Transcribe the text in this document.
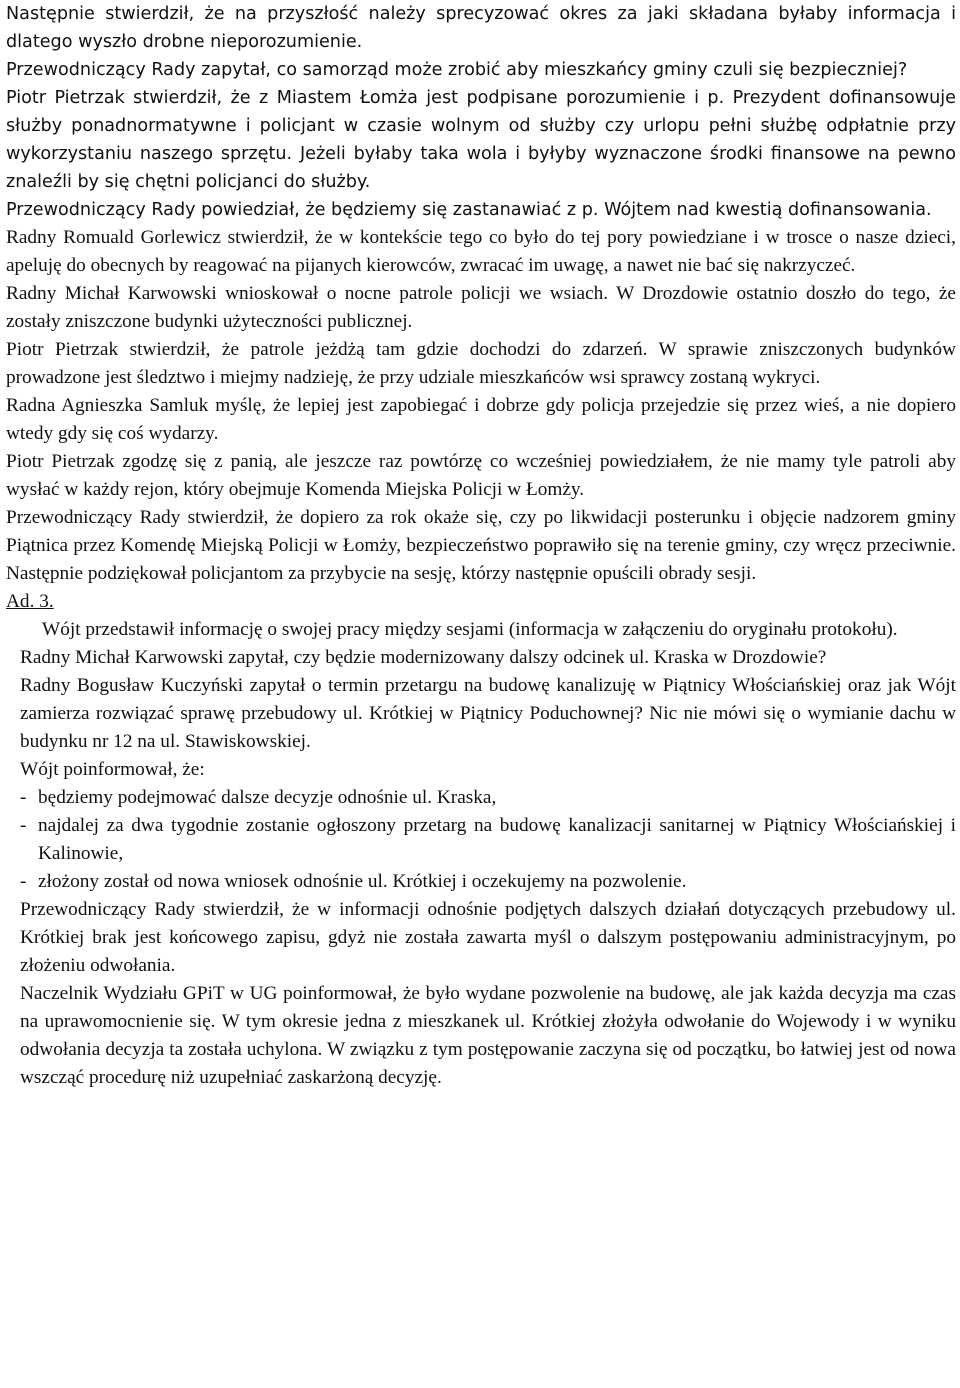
Następnie stwierdził, że na przyszłość należy sprecyzować okres za jaki składana byłaby informacja i dlatego wyszło drobne nieporozumienie.

Przewodniczący Rady zapytał, co samorząd może zrobić aby mieszkańcy gminy czuli się bezpieczniej?

Piotr Pietrzak stwierdził, że z Miastem Łomża jest podpisane porozumienie i p. Prezydent dofinansowuje służby ponadnormatywne i policjant w czasie wolnym od służby czy urlopu pełni służbę odpłatnie przy wykorzystaniu naszego sprzętu. Jeżeli byłaby taka wola i byłyby wyznaczone środki finansowe na pewno znaleźli by się chętni policjanci do służby.

Przewodniczący Rady powiedział, że będziemy się zastanawiać z p. Wójtem nad kwestią dofinansowania.

Radny Romuald Gorlewicz stwierdził, że w kontekście tego co było do tej pory powiedziane i w trosce o nasze dzieci, apeluję do obecnych by reagować na pijanych kierowców, zwracać im uwagę, a nawet nie bać się nakrzyczeć.

Radny Michał Karwowski wnioskował o nocne patrole policji we wsiach. W Drozdowie ostatnio doszło do tego, że zostały zniszczone budynki użyteczności publicznej.

Piotr Pietrzak stwierdził, że patrole jeżdżą tam gdzie dochodzi do zdarzeń. W sprawie zniszczonych budynków prowadzone jest śledztwo i miejmy nadzieję, że przy udziale mieszkańców wsi sprawcy zostaną wykryci.

Radna Agnieszka Samluk myślę, że lepiej jest zapobiegać i dobrze gdy policja przejedzie się przez wieś, a nie dopiero wtedy gdy się coś wydarzy.

Piotr Pietrzak zgodzę się z panią, ale jeszcze raz powtórzę co wcześniej powiedziałem, że nie mamy tyle patroli aby wysłać w każdy rejon, który obejmuje Komenda Miejska Policji w Łomży.

Przewodniczący Rady stwierdził, że dopiero za rok okaże się, czy po likwidacji posterunku i objęcie nadzorem gminy Piątnica przez Komendę Miejską Policji w Łomży, bezpieczeństwo poprawiło się na terenie gminy, czy wręcz przeciwnie. Następnie podziękował policjantom za przybycie na sesję, którzy następnie opuścili obrady sesji.

Ad. 3.

Wójt przedstawił informację o swojej pracy między sesjami (informacja w załączeniu do oryginału protokołu).

Radny Michał Karwowski zapytał, czy będzie modernizowany dalszy odcinek ul. Kraska w Drozdowie?

Radny Bogusław Kuczyński zapytał o termin przetargu na budowę kanalizuję w Piątnicy Włościańskiej oraz jak Wójt zamierza rozwiązać sprawę przebudowy ul. Krótkiej w Piątnicy Poduchownej? Nic nie mówi się o wymianie dachu w budynku nr 12 na ul. Stawiskowskiej.

Wójt poinformował, że:

- będziemy podejmować dalsze decyzje odnośnie ul. Kraska,
- najdalej za dwa tygodnie zostanie ogłoszony przetarg na budowę kanalizacji sanitarnej w Piątnicy Włościańskiej i Kalinowie,
- złożony został od nowa wniosek odnośnie ul. Krótkiej i oczekujemy na pozwolenie.

Przewodniczący Rady stwierdził, że w informacji odnośnie podjętych dalszych działań dotyczących przebudowy ul. Krótkiej brak jest końcowego zapisu, gdyż nie została zawarta myśl o dalszym postępowaniu administracyjnym, po złożeniu odwołania.

Naczelnik Wydziału GPiT w UG poinformował, że było wydane pozwolenie na budowę, ale jak każda decyzja ma czas na uprawomocnienie się. W tym okresie jedna z mieszkanek ul. Krótkiej złożyła odwołanie do Wojewody i w wyniku odwołania decyzja ta została uchylona. W związku z tym postępowanie zaczyna się od początku, bo łatwiej jest od nowa wszcząć procedurę niż uzupełniać zaskarżoną decyzję.
